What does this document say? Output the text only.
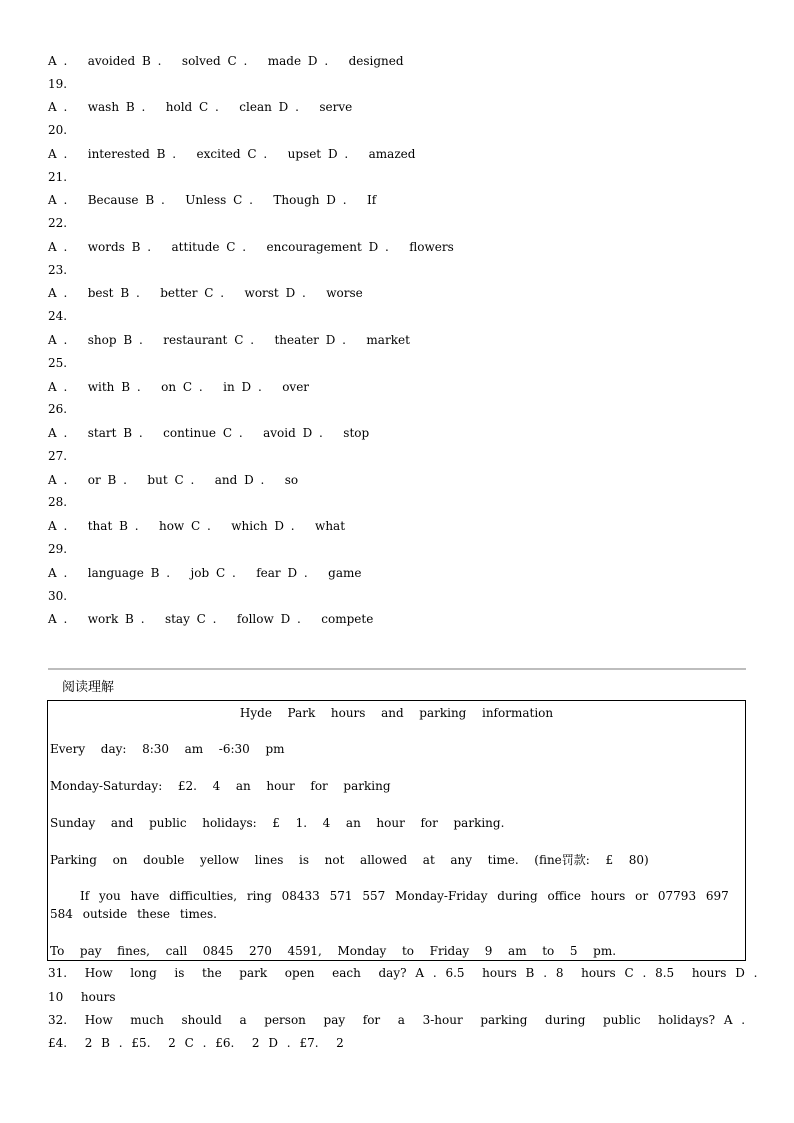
A .   avoided B .   solved C .   made D .   designed

19.

A .   wash B .   hold C .   clean D .   serve

20.

A .   interested B .   excited C .   upset D .   amazed

21.

A .   Because B .   Unless C .   Though D .   If

22.

A .   words B .   attitude C .   encouragement D .   flowers

23.

A .   best B .   better C .   worst D .   worse

24.

A .   shop B .   restaurant C .   theater D .   market

25.

A .   with B .   on C .   in D .   over

26.

A .   start B .   continue C .   avoid D .   stop

27.

A .   or B .   but C .   and D .   so

28.

A .   that B .   how C .   which D .   what

29.

A .   language B .   job C .   fear D .   game

30.

A .   work B .   stay C .   follow D .   compete

阅读理解

Hyde  Park  hours  and  parking  information

Every  day:  8:30  am  -6:30  pm

Monday-Saturday:  £2.  4  an  hour  for  parking

Sunday  and  public  holidays:  £  1.  4  an  hour  for  parking.

Parking  on  double  yellow  lines  is  not  allowed  at  any  time.  (fine罚款:  £  80)

If you have difficulties, ring 08433 571 557 Monday-Friday during office hours or 07793 697 584 outside these times.

To  pay  fines,  call  0845  270  4591,  Monday  to  Friday  9  am  to  5  pm.

31.  How  long  is  the  park  open  each  day? A . 6.5  hours B . 8  hours C . 8.5  hours D .

10  hours

32.  How  much  should  a  person  pay  for  a  3-hour  parking  during  public  holidays? A .

£4.  2 B . £5.  2 C . £6.  2 D . £7.  2
